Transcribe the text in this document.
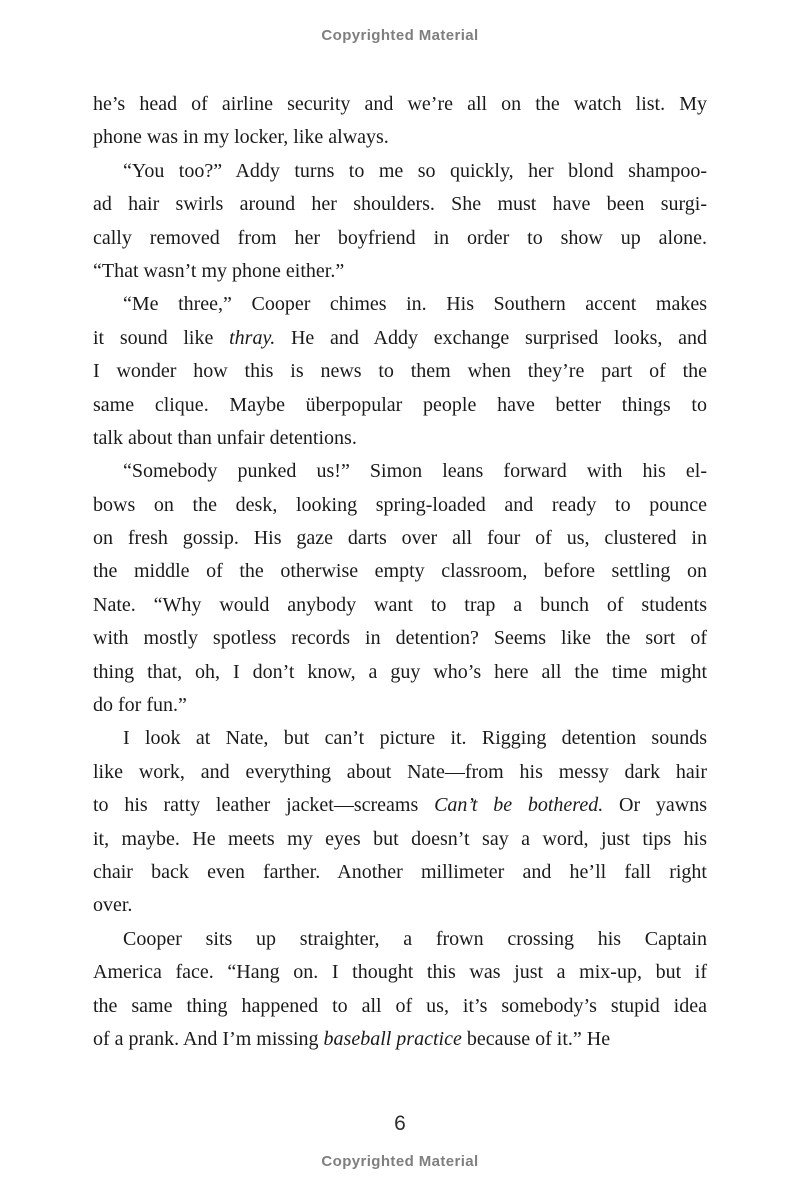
Copyrighted Material
he’s head of airline security and we’re all on the watch list. My
phone was in my locker, like always.
“You too?” Addy turns to me so quickly, her blond shampoo-
ad hair swirls around her shoulders. She must have been surgi-
cally removed from her boyfriend in order to show up alone.
“That wasn’t my phone either.”
“Me three,” Cooper chimes in. His Southern accent makes
it sound like thray. He and Addy exchange surprised looks, and
I wonder how this is news to them when they’re part of the
same clique. Maybe überpopular people have better things to
talk about than unfair detentions.
“Somebody punked us!” Simon leans forward with his el-
bows on the desk, looking spring-loaded and ready to pounce
on fresh gossip. His gaze darts over all four of us, clustered in
the middle of the otherwise empty classroom, before settling on
Nate. “Why would anybody want to trap a bunch of students
with mostly spotless records in detention? Seems like the sort of
thing that, oh, I don’t know, a guy who’s here all the time might
do for fun.”
I look at Nate, but can’t picture it. Rigging detention sounds
like work, and everything about Nate—from his messy dark hair
to his ratty leather jacket—screams Can’t be bothered. Or yawns
it, maybe. He meets my eyes but doesn’t say a word, just tips his
chair back even farther. Another millimeter and he’ll fall right
over.
Cooper sits up straighter, a frown crossing his Captain
America face. “Hang on. I thought this was just a mix-up, but if
the same thing happened to all of us, it’s somebody’s stupid idea
of a prank. And I’m missing baseball practice because of it.” He
6
Copyrighted Material
